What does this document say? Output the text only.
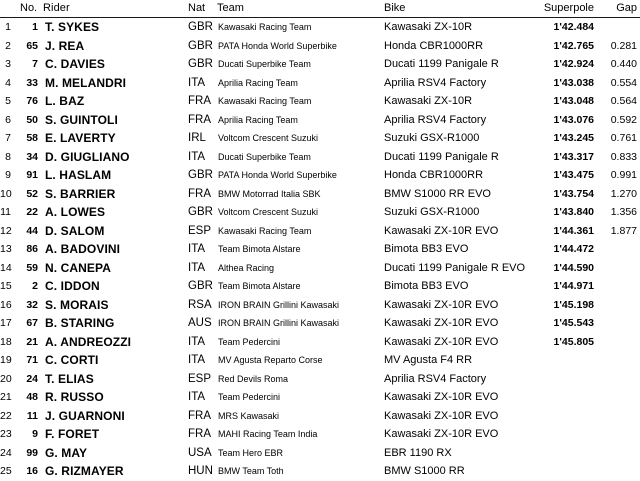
No. Rider	Nat	Team	Bike	Superpole	Gap
1	1 T. SYKES	GBR Kawasaki Racing Team	Kawasaki ZX-10R	1'42.484
2	65 J. REA	GBR PATA Honda World Superbike	Honda CBR1000RR	1'42.765	0.281
3	7 C. DAVIES	GBR Ducati Superbike Team	Ducati 1199 Panigale R	1'42.924	0.440
4	33 M. MELANDRI	ITA	Aprilia Racing Team	Aprilia RSV4 Factory	1'43.038	0.554
5	76 L. BAZ	FRA Kawasaki Racing Team	Kawasaki ZX-10R	1'43.048	0.564
6	50 S. GUINTOLI	FRA Aprilia Racing Team	Aprilia RSV4 Factory	1'43.076	0.592
7	58 E. LAVERTY	IRL	Voltcom Crescent Suzuki	Suzuki GSX-R1000	1'43.245	0.761
8	34 D. GIUGLIANO	ITA	Ducati Superbike Team	Ducati 1199 Panigale R	1'43.317	0.833
9	91 L. HASLAM	GBR PATA Honda World Superbike	Honda CBR1000RR	1'43.475	0.991
10	52 S. BARRIER	FRA BMW Motorrad Italia SBK	BMW S1000 RR EVO	1'43.754	1.270
11	22 A. LOWES	GBR Voltcom Crescent Suzuki	Suzuki GSX-R1000	1'43.840	1.356
12	44 D. SALOM	ESP Kawasaki Racing Team	Kawasaki ZX-10R EVO	1'44.361	1.877
13	86 A. BADOVINI	ITA	Team Bimota Alstare	Bimota BB3 EVO	1'44.472
14	59 N. CANEPA	ITA	Althea Racing	Ducati 1199 Panigale R EVO	1'44.590
15	2 C. IDDON	GBR Team Bimota Alstare	Bimota BB3 EVO	1'44.971
16	32 S. MORAIS	RSA IRON BRAIN Grillini Kawasaki	Kawasaki ZX-10R EVO	1'45.198
17	67 B. STARING	AUS IRON BRAIN Grillini Kawasaki	Kawasaki ZX-10R EVO	1'45.543
18	21 A. ANDREOZZI	ITA	Team Pedercini	Kawasaki ZX-10R EVO	1'45.805
19	71 C. CORTI	ITA	MV Agusta Reparto Corse	MV Agusta F4 RR
20	24 T. ELIAS	ESP Red Devils Roma	Aprilia RSV4 Factory
21	48 R. RUSSO	ITA	Team Pedercini	Kawasaki ZX-10R EVO
22	11 J. GUARNONI	FRA MRS Kawasaki	Kawasaki ZX-10R EVO
23	9 F. FORET	FRA MAHI Racing Team India	Kawasaki ZX-10R EVO
24	99 G. MAY	USA Team Hero EBR	EBR 1190 RX
25	16 G. RIZMAYER	HUN BMW Team Toth	BMW S1000 RR
